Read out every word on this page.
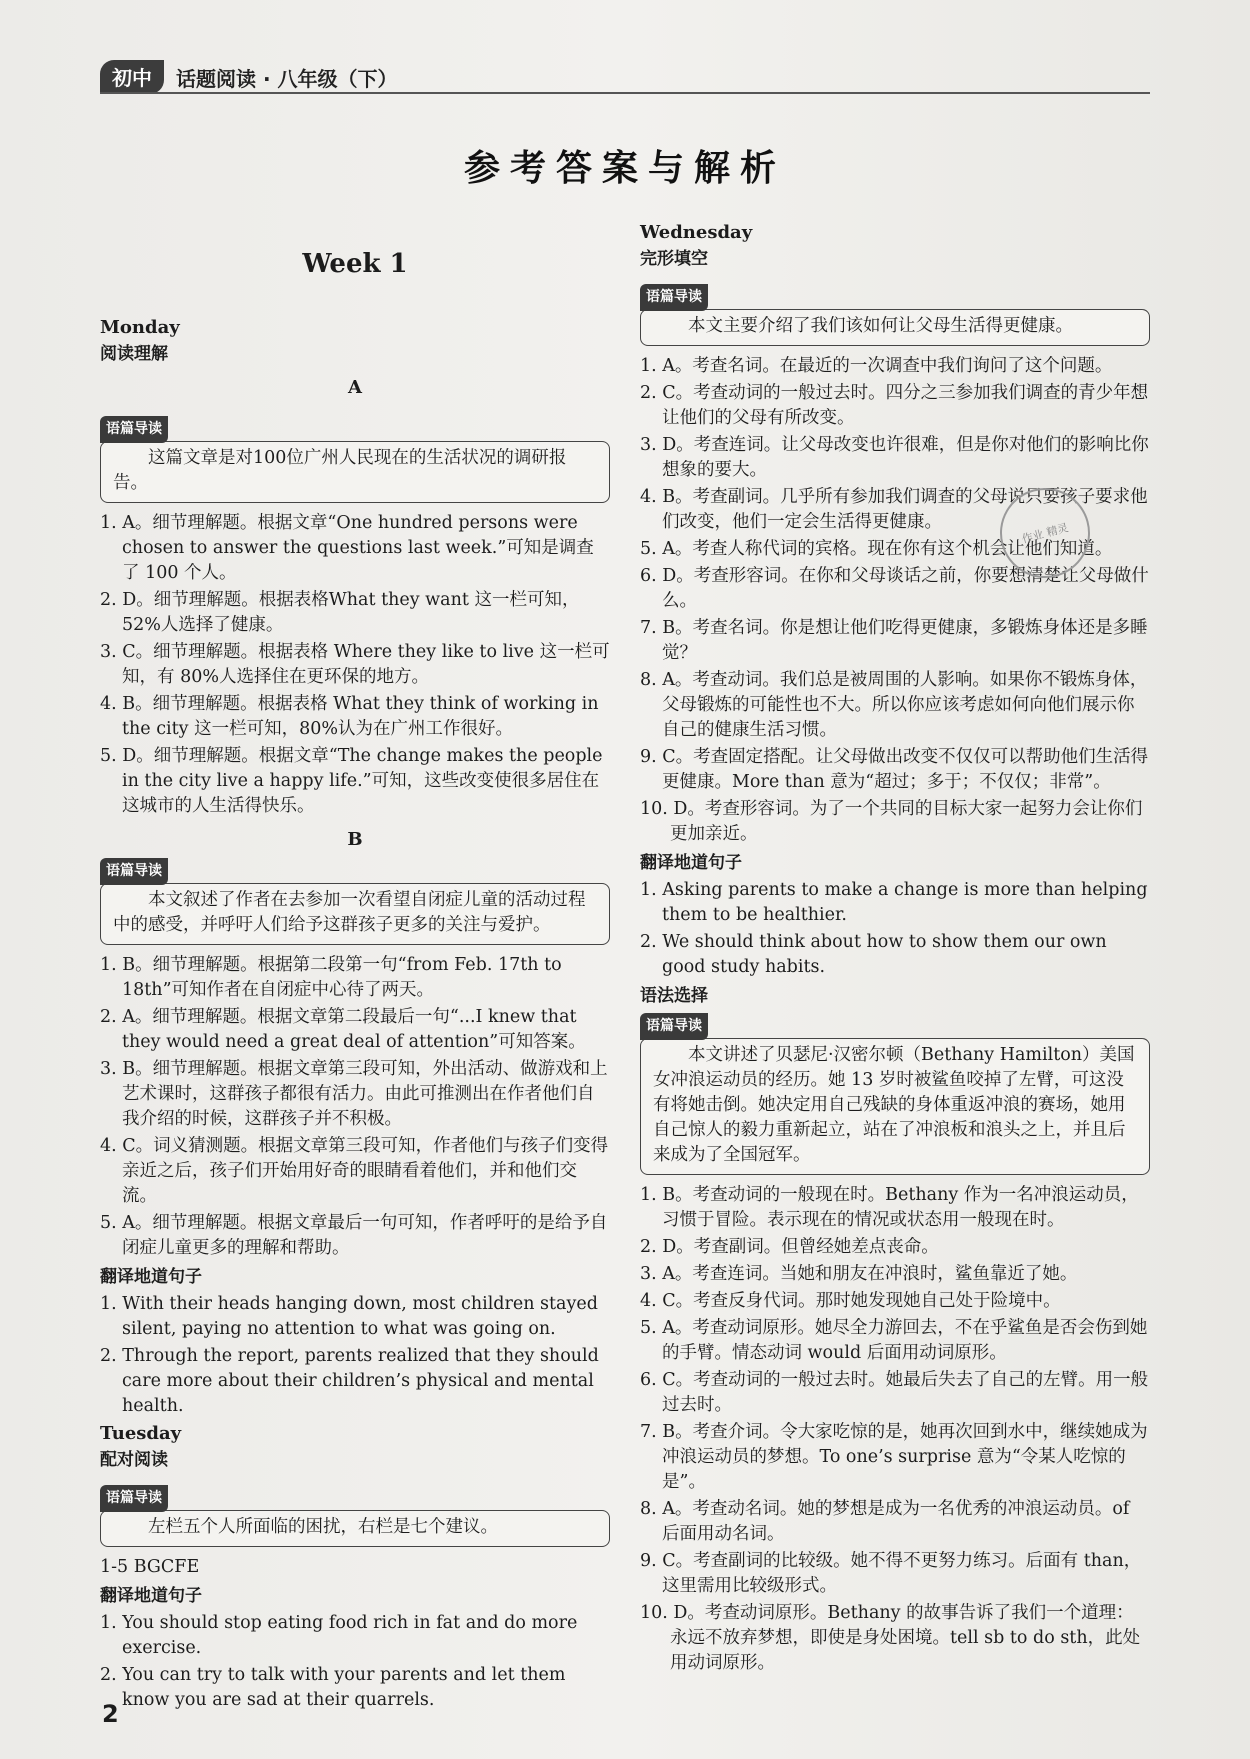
初中	话题阅读 · 八年级（下）
参考答案与解析
Week 1

Monday

阅读理解

A
语篇导读
这篇文章是对100位广州人民现在的生活状况的调研报告。

1. A。细节理解题。根据文章“One hundred persons were chosen to answer the questions last week.”可知是调查了 100 个人。

2. D。细节理解题。根据表格What they want 这一栏可知，52%人选择了健康。

3. C。细节理解题。根据表格 Where they like to live 这一栏可知，有 80%人选择住在更环保的地方。

4. B。细节理解题。根据表格 What they think of working in the city 这一栏可知，80%认为在广州工作很好。

5. D。细节理解题。根据文章“The change makes the people in the city live a happy life.”可知，这些改变使很多居住在这城市的人生活得快乐。

B
语篇导读
本文叙述了作者在去参加一次看望自闭症儿童的活动过程中的感受，并呼吁人们给予这群孩子更多的关注与爱护。

1. B。细节理解题。根据第二段第一句“from Feb. 17th to 18th”可知作者在自闭症中心待了两天。

2. A。细节理解题。根据文章第二段最后一句“...I knew that they would need a great deal of attention”可知答案。

3. B。细节理解题。根据文章第三段可知，外出活动、做游戏和上艺术课时，这群孩子都很有活力。由此可推测出在作者他们自我介绍的时候，这群孩子并不积极。

4. C。词义猜测题。根据文章第三段可知，作者他们与孩子们变得亲近之后，孩子们开始用好奇的眼睛看着他们，并和他们交流。

5. A。细节理解题。根据文章最后一句可知，作者呼吁的是给予自闭症儿童更多的理解和帮助。

翻译地道句子

1. With their heads hanging down, most children stayed silent, paying no attention to what was going on.

2. Through the report, parents realized that they should care more about their children’s physical and mental health.

Tuesday

配对阅读

语篇导读
左栏五个人所面临的困扰，右栏是七个建议。

1-5 BGCFE

翻译地道句子

1. You should stop eating food rich in fat and do more exercise.

2. You can try to talk with your parents and let them know you are sad at their quarrels.

Wednesday

完形填空

语篇导读
本文主要介绍了我们该如何让父母生活得更健康。

1. A。考查名词。在最近的一次调查中我们询问了这个问题。

2. C。考查动词的一般过去时。四分之三参加我们调查的青少年想让他们的父母有所改变。

3. D。考查连词。让父母改变也许很难，但是你对他们的影响比你想象的要大。

4. B。考查副词。几乎所有参加我们调查的父母说只要孩子要求他们改变，他们一定会生活得更健康。

5. A。考查人称代词的宾格。现在你有这个机会让他们知道。

6. D。考查形容词。在你和父母谈话之前，你要想清楚让父母做什么。

7. B。考查名词。你是想让他们吃得更健康，多锻炼身体还是多睡觉？

8. A。考查动词。我们总是被周围的人影响。如果你不锻炼身体，父母锻炼的可能性也不大。所以你应该考虑如何向他们展示你自己的健康生活习惯。

9. C。考查固定搭配。让父母做出改变不仅仅可以帮助他们生活得更健康。More than 意为“超过；多于；不仅仅；非常”。

10. D。考查形容词。为了一个共同的目标大家一起努力会让你们更加亲近。

翻译地道句子

1. Asking parents to make a change is more than helping them to be healthier.

2. We should think about how to show them our own good study habits.

语法选择

语篇导读
本文讲述了贝瑟尼·汉密尔顿（Bethany Hamilton）美国女冲浪运动员的经历。她 13 岁时被鲨鱼咬掉了左臂，可这没有将她击倒。她决定用自己残缺的身体重返冲浪的赛场，她用自己惊人的毅力重新起立，站在了冲浪板和浪头之上，并且后来成为了全国冠军。

1. B。考查动词的一般现在时。Bethany 作为一名冲浪运动员，习惯于冒险。表示现在的情况或状态用一般现在时。

2. D。考查副词。但曾经她差点丧命。

3. A。考查连词。当她和朋友在冲浪时，鲨鱼靠近了她。

4. C。考查反身代词。那时她发现她自己处于险境中。

5. A。考查动词原形。她尽全力游回去，不在乎鲨鱼是否会伤到她的手臂。情态动词 would 后面用动词原形。

6. C。考查动词的一般过去时。她最后失去了自己的左臂。用一般过去时。

7. B。考查介词。令大家吃惊的是，她再次回到水中，继续她成为冲浪运动员的梦想。To one’s surprise 意为“令某人吃惊的是”。

8. A。考查动名词。她的梦想是成为一名优秀的冲浪运动员。of 后面用动名词。

9. C。考查副词的比较级。她不得不更努力练习。后面有 than，这里需用比较级形式。

10. D。考查动词原形。Bethany 的故事告诉了我们一个道理：永远不放弃梦想，即使是身处困境。tell sb to do sth，此处用动词原形。

作业 精灵
2
